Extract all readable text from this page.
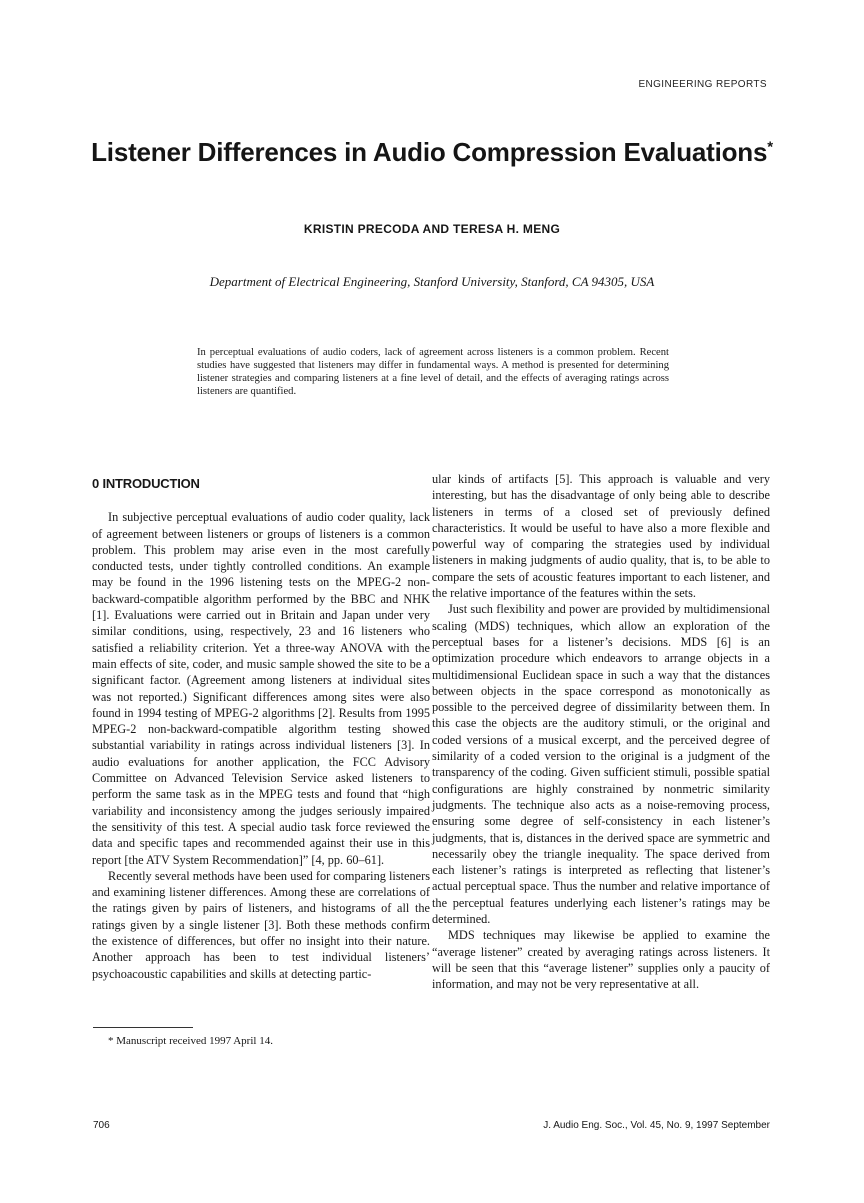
ENGINEERING REPORTS
Listener Differences in Audio Compression Evaluations*
KRISTIN PRECODA AND TERESA H. MENG
Department of Electrical Engineering, Stanford University, Stanford, CA 94305, USA
In perceptual evaluations of audio coders, lack of agreement across listeners is a common problem. Recent studies have suggested that listeners may differ in fundamental ways. A method is presented for determining listener strategies and comparing listeners at a fine level of detail, and the effects of averaging ratings across listeners are quantified.
0 INTRODUCTION

In subjective perceptual evaluations of audio coder quality, lack of agreement between listeners or groups of listeners is a common problem. This problem may arise even in the most carefully conducted tests, under tightly controlled conditions. An example may be found in the 1996 listening tests on the MPEG-2 non-backward-compatible algorithm performed by the BBC and NHK [1]. Evaluations were carried out in Britain and Japan under very similar conditions, using, respectively, 23 and 16 listeners who satisfied a reliability criterion. Yet a three-way ANOVA with the main effects of site, coder, and music sample showed the site to be a significant factor. (Agreement among listeners at individual sites was not reported.) Significant differences among sites were also found in 1994 testing of MPEG-2 algorithms [2]. Results from 1995 MPEG-2 non-backward-compatible algorithm testing showed substantial variability in ratings across individual listeners [3]. In audio evaluations for another application, the FCC Advisory Committee on Advanced Television Service asked listeners to perform the same task as in the MPEG tests and found that “high variability and inconsistency among the judges seriously impaired the sensitivity of this test. A special audio task force reviewed the data and specific tapes and recommended against their use in this report [the ATV System Recommendation]” [4, pp. 60–61].

Recently several methods have been used for comparing listeners and examining listener differences. Among these are correlations of the ratings given by pairs of listeners, and histograms of all the ratings given by a single listener [3]. Both these methods confirm the existence of differences, but offer no insight into their nature. Another approach has been to test individual listeners’ psychoacoustic capabilities and skills at detecting partic-

ular kinds of artifacts [5]. This approach is valuable and very interesting, but has the disadvantage of only being able to describe listeners in terms of a closed set of previously defined characteristics. It would be useful to have also a more flexible and powerful way of comparing the strategies used by individual listeners in making judgments of audio quality, that is, to be able to compare the sets of acoustic features important to each listener, and the relative importance of the features within the sets.

Just such flexibility and power are provided by multidimensional scaling (MDS) techniques, which allow an exploration of the perceptual bases for a listener’s decisions. MDS [6] is an optimization procedure which endeavors to arrange objects in a multidimensional Euclidean space in such a way that the distances between objects in the space correspond as monotonically as possible to the perceived degree of dissimilarity between them. In this case the objects are the auditory stimuli, or the original and coded versions of a musical excerpt, and the perceived degree of similarity of a coded version to the original is a judgment of the transparency of the coding. Given sufficient stimuli, possible spatial configurations are highly constrained by nonmetric similarity judgments. The technique also acts as a noise-removing process, ensuring some degree of self-consistency in each listener’s judgments, that is, distances in the derived space are symmetric and necessarily obey the triangle inequality. The space derived from each listener’s ratings is interpreted as reflecting that listener’s actual perceptual space. Thus the number and relative importance of the perceptual features underlying each listener’s ratings may be determined.

MDS techniques may likewise be applied to examine the “average listener” created by averaging ratings across listeners. It will be seen that this “average listener” supplies only a paucity of information, and may not be very representative at all.

* Manuscript received 1997 April 14.
706	J. Audio Eng. Soc., Vol. 45, No. 9, 1997 September
